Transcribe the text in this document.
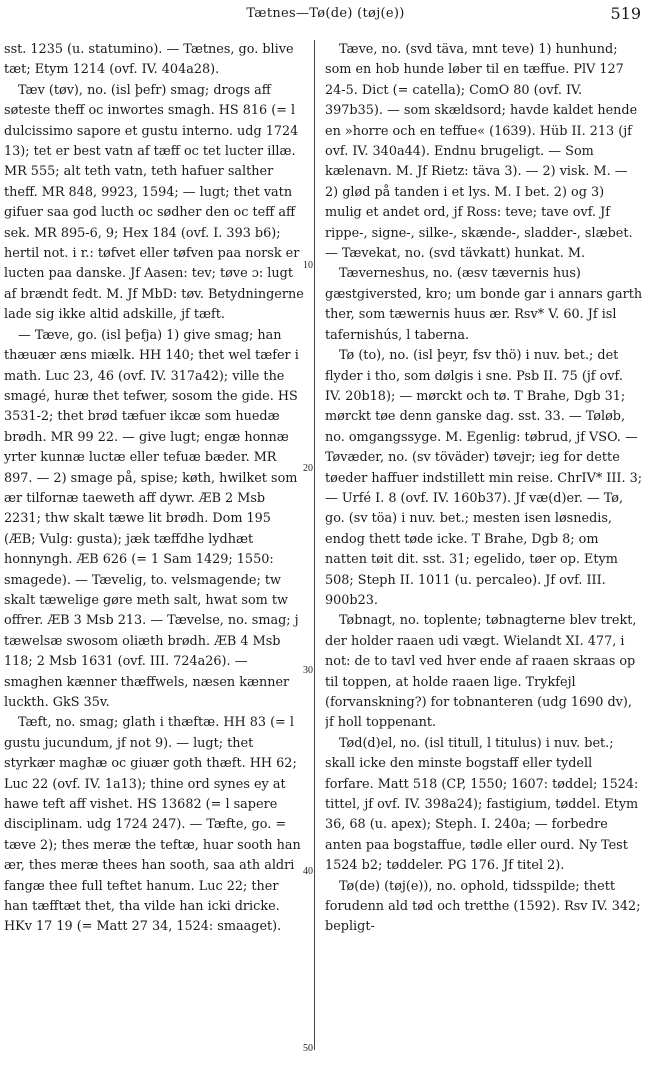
Tætnes—Tø(de) (tøj(e))	519

sst. 1235 (u. statumino). — Tætnes, go. blive tæt; Etym 1214 (ovf. IV. 404a28).

Tæv (tøv), no. (isl þefr) smag; drogs aff søteste theff oc inwortes smagh. HS 816 (= l dulcissimo sapore et gustu interno. udg 1724 13); tet er best vatn af tæff oc tet lucter illæ. MR 555; alt teth vatn, teth hafuer salther theff. MR 848, 9923, 1594; — lugt; thet vatn gifuer saa god lucth oc sødher den oc teff aff sek. MR 895-6, 9; Hex 184 (ovf. I. 393 b6); hertil not. i r.: tøfvet eller tøfven paa norsk er lucten paa danske. Jf Aasen: tev; tøve ɔ: lugt af brændt fedt. M. Jf MbD: tøv. Betydningerne lade sig ikke altid adskille, jf tæft.

— Tæve, go. (isl þefja) 1) give smag; han thæuær æns miælk. HH 140; thet wel tæfer i math. Luc 23, 46 (ovf. IV. 317a42); ville the smagé, huræ thet tefwer, sosom the gide. HS 3531-2; thet brød tæfuer ikcæ som huedæ brødh. MR 99 22. — give lugt; engæ honnæ yrter kunnæ luctæ eller tefuæ bæder. MR 897. — 2) smage på, spise; køth, hwilket som ær tilfornæ taeweth aff dywr. ÆB 2 Msb 2231; thw skalt tæwe lit brødh. Dom 195 (ÆB; Vulg: gusta); jæk tæffdhe lydhæt honnyngh. ÆB 626 (= 1 Sam 1429; 1550: smagede). — Tævelig, to. velsmagende; tw skalt tæwelige gøre meth salt, hwat som tw offrer. ÆB 3 Msb 213. — Tævelse, no. smag; j tæwelsæ swosom oliæth brødh. ÆB 4 Msb 118; 2 Msb 1631 (ovf. III. 724a26). — smaghen kænner thæffwels, næsen kænner luckth. GkS 35v.

Tæft, no. smag; glath i thæftæ. HH 83 (= l gustu jucundum, jf not 9). — lugt; thet styrkær maghæ oc giuær goth thæft. HH 62; Luc 22 (ovf. IV. 1a13); thine ord synes ey at hawe teft aff vishet. HS 13682 (= l sapere disciplinam. udg 1724 247). — Tæfte, go. = tæve 2); thes meræ the teftæ, huar sooth han ær, thes meræ thees han sooth, saa ath aldri fangæ thee full teftet hanum. Luc 22; ther han tæfftæt thet, tha vilde han icki dricke. HKv 17 19 (= Matt 27 34, 1524: smaaget).

10
20
30
40
50

Tæve, no. (svd täva, mnt teve) 1) hunhund; som en hob hunde løber til en tæffue. PlV 127 24-5. Dict (= catella); ComO 80 (ovf. IV. 397b35). — som skældsord; havde kaldet hende en »horre och en teffue« (1639). Hüb II. 213 (jf ovf. IV. 340a44). Endnu brugeligt. — Som kælenavn. M. Jf Rietz: täva 3). — 2) visk. M. — 2) glød på tanden i et lys. M. I bet. 2) og 3) mulig et andet ord, jf Ross: teve; tave ovf. Jf rippe-, signe-, silke-, skænde-, sladder-, slæbet. — Tævekat, no. (svd tävkatt) hunkat. M.

Tæverneshus, no. (æsv tævernis hus) gæstgiversted, kro; um bonde gar i annars garth ther, som tæwernis huus ær. Rsv* V. 60. Jf isl tafernishús, l taberna.

Tø (to), no. (isl þeyr, fsv thö) i nuv. bet.; det flyder i tho, som dølgis i sne. Psb II. 75 (jf ovf. IV. 20b18); — mørckt och tø. T Brahe, Dgb 31; mørckt tøe denn ganske dag. sst. 33. — Tøløb, no. omgangssyge. M. Egenlig: tøbrud, jf VSO. — Tøvæder, no. (sv töväder) tøvejr; ieg for dette tøeder haffuer indstillett min reise. ChrIV* III. 3; — Urfé I. 8 (ovf. IV. 160b37). Jf væ(d)er. — Tø, go. (sv töa) i nuv. bet.; mesten isen løsnedis, endog thett tøde icke. T Brahe, Dgb 8; om natten tøit dit. sst. 31; egelido, tøer op. Etym 508; Steph II. 1011 (u. percaleo). Jf ovf. III. 900b23.

Tøbnagt, no. toplente; tøbnagterne blev trekt, der holder raaen udi vægt. Wielandt XI. 477, i not: de to tavl ved hver ende af raaen skraas op til toppen, at holde raaen lige. Trykfejl (forvanskning?) for tobnanteren (udg 1690 dv), jf holl toppenant.

Tød(d)el, no. (isl titull, l titulus) i nuv. bet.; skall icke den minste bogstaff eller tydell forfare. Matt 518 (CP, 1550; 1607: tøddel; 1524: tittel, jf ovf. IV. 398a24); fastigium, tøddel. Etym 36, 68 (u. apex); Steph. I. 240a; — forbedre anten paa bogstaffue, tødle eller ourd. Ny Test 1524 b2; tøddeler. PG 176. Jf titel 2).

Tø(de) (tøj(e)), no. ophold, tidsspilde; thett forudenn ald tød och tretthe (1592). Rsv IV. 342; bepligt-
